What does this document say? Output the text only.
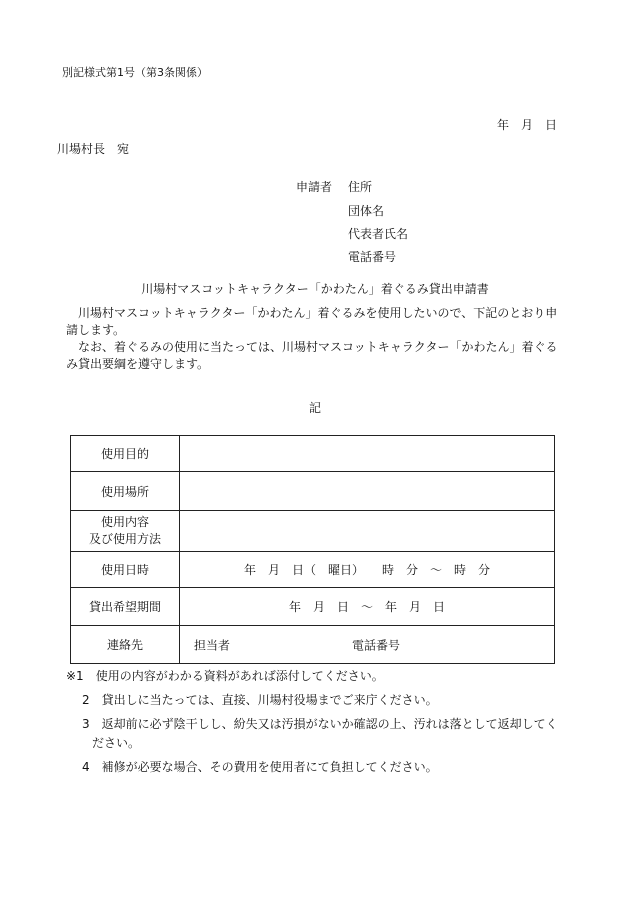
別記様式第1号（第3条関係）
年　月　日
川場村長　宛
申請者 住所
団体名
代表者氏名
電話番号
川場村マスコットキャラクター「かわたん」着ぐるみ貸出申請書

川場村マスコットキャラクター「かわたん」着ぐるみを使用したいので、下記のとおり申請します。

なお、着ぐるみの使用に当たっては、川場村マスコットキャラクター「かわたん」着ぐるみ貸出要綱を遵守します。

記
使用目的	
使用場所	
使用内容
及び使用方法	
使用日時	年　月　日（　曜日）　　時　分　～　時　分
貸出希望期間	年　月　日　～　年　月　日
連絡先	担当者 電話番号
※1　使用の内容がわかる資料があれば添付してください。
2　貸出しに当たっては、直接、川場村役場までご来庁ください。
3　返却前に必ず陰干しし、紛失又は汚損がないか確認の上、汚れは落として返却してく
ださい。
4　補修が必要な場合、その費用を使用者にて負担してください。
